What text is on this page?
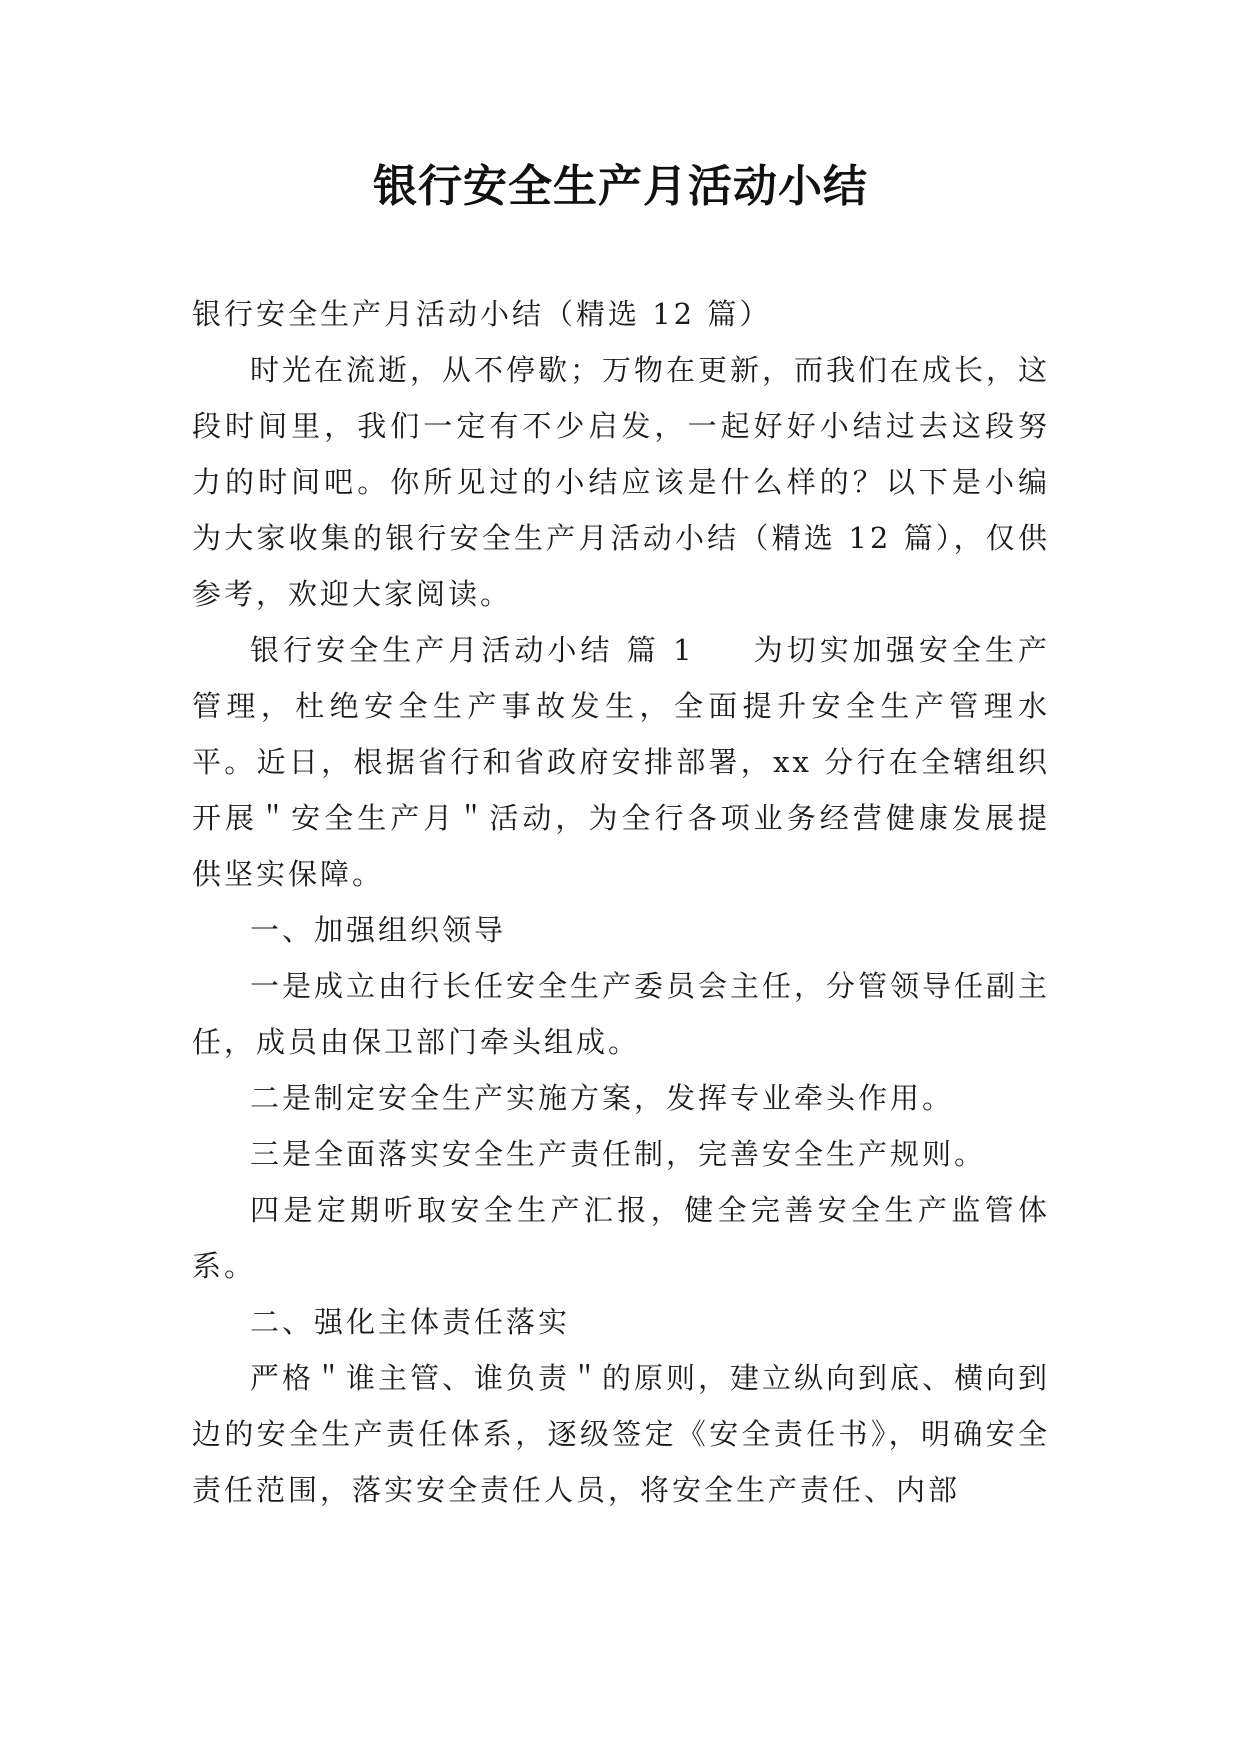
银行安全生产月活动小结

银行安全生产月活动小结（精选 12 篇）

时光在流逝，从不停歇；万物在更新，而我们在成长，这段时间里，我们一定有不少启发，一起好好小结过去这段努力的时间吧。你所见过的小结应该是什么样的？以下是小编为大家收集的银行安全生产月活动小结（精选 12 篇），仅供参考，欢迎大家阅读。

银行安全生产月活动小结 篇 1 为切实加强安全生产管理，杜绝安全生产事故发生，全面提升安全生产管理水平。近日，根据省行和省政府安排部署，xx 分行在全辖组织开展＂安全生产月＂活动，为全行各项业务经营健康发展提供坚实保障。

一、加强组织领导

一是成立由行长任安全生产委员会主任，分管领导任副主任，成员由保卫部门牵头组成。

二是制定安全生产实施方案，发挥专业牵头作用。

三是全面落实安全生产责任制，完善安全生产规则。

四是定期听取安全生产汇报，健全完善安全生产监管体系。

二、强化主体责任落实

严格＂谁主管、谁负责＂的原则，建立纵向到底、横向到边的安全生产责任体系，逐级签定《安全责任书》，明确安全责任范围，落实安全责任人员，将安全生产责任、内部
